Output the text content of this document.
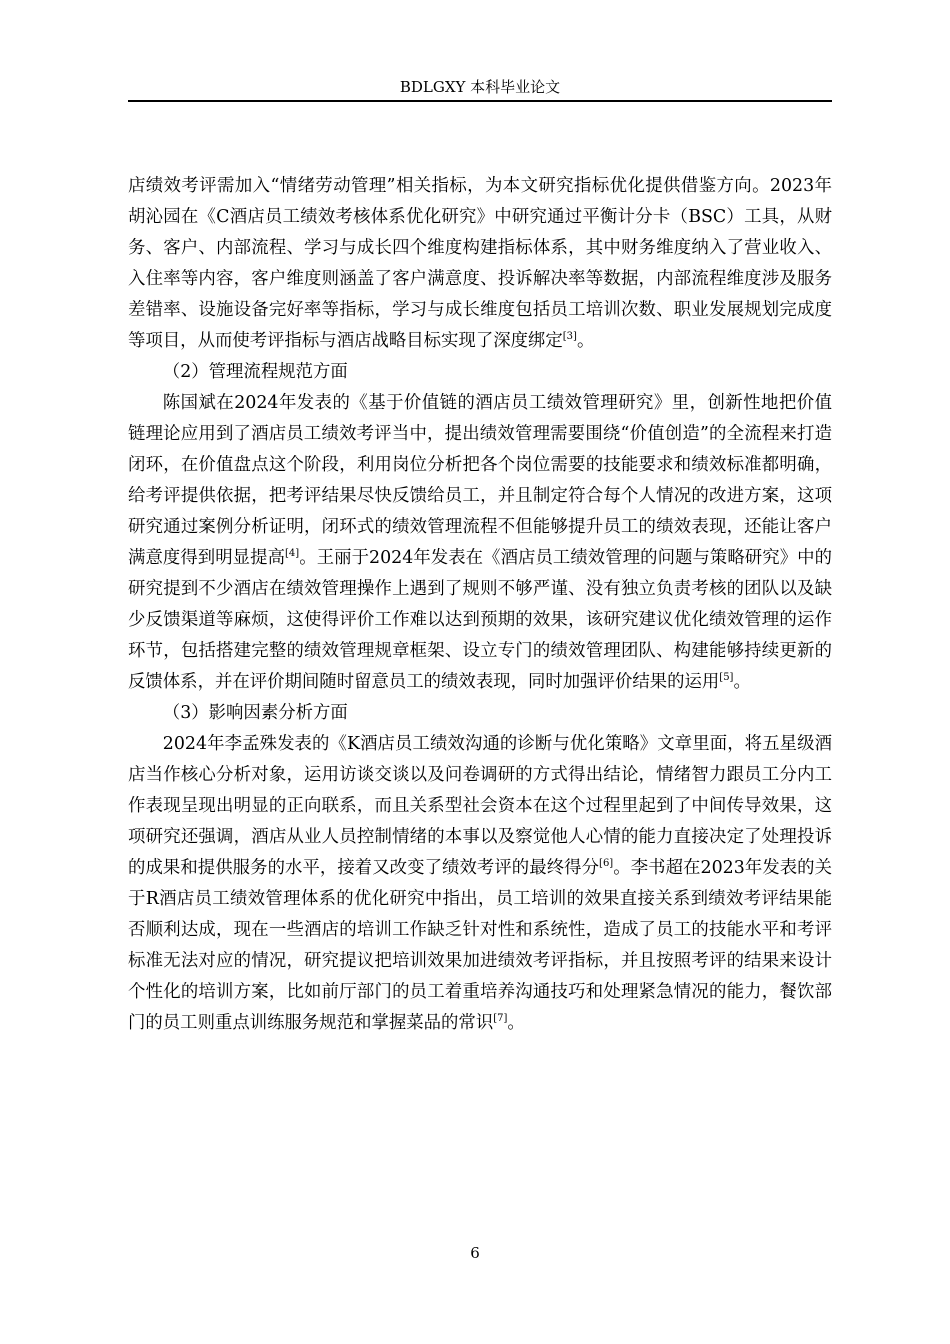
BDLGXY 本科毕业论文

店绩效考评需加入“情绪劳动管理”相关指标，为本文研究指标优化提供借鉴方向。2023年胡沁园在《C酒店员工绩效考核体系优化研究》中研究通过平衡计分卡（BSC）工具，从财务、客户、内部流程、学习与成长四个维度构建指标体系，其中财务维度纳入了营业收入、入住率等内容，客户维度则涵盖了客户满意度、投诉解决率等数据，内部流程维度涉及服务差错率、设施设备完好率等指标，学习与成长维度包括员工培训次数、职业发展规划完成度等项目，从而使考评指标与酒店战略目标实现了深度绑定[3]。

（2）管理流程规范方面

陈国斌在2024年发表的《基于价值链的酒店员工绩效管理研究》里，创新性地把价值链理论应用到了酒店员工绩效考评当中，提出绩效管理需要围绕“价值创造”的全流程来打造闭环，在价值盘点这个阶段，利用岗位分析把各个岗位需要的技能要求和绩效标准都明确，给考评提供依据，把考评结果尽快反馈给员工，并且制定符合每个人情况的改进方案，这项研究通过案例分析证明，闭环式的绩效管理流程不但能够提升员工的绩效表现，还能让客户满意度得到明显提高[4]。王丽于2024年发表在《酒店员工绩效管理的问题与策略研究》中的研究提到不少酒店在绩效管理操作上遇到了规则不够严谨、没有独立负责考核的团队以及缺少反馈渠道等麻烦，这使得评价工作难以达到预期的效果，该研究建议优化绩效管理的运作环节，包括搭建完整的绩效管理规章框架、设立专门的绩效管理团队、构建能够持续更新的反馈体系，并在评价期间随时留意员工的绩效表现，同时加强评价结果的运用[5]。

（3）影响因素分析方面

2024年李孟殊发表的《K酒店员工绩效沟通的诊断与优化策略》文章里面，将五星级酒店当作核心分析对象，运用访谈交谈以及问卷调研的方式得出结论，情绪智力跟员工分内工作表现呈现出明显的正向联系，而且关系型社会资本在这个过程里起到了中间传导效果，这项研究还强调，酒店从业人员控制情绪的本事以及察觉他人心情的能力直接决定了处理投诉的成果和提供服务的水平，接着又改变了绩效考评的最终得分[6]。李书超在2023年发表的关于R酒店员工绩效管理体系的优化研究中指出，员工培训的效果直接关系到绩效考评结果能否顺利达成，现在一些酒店的培训工作缺乏针对性和系统性，造成了员工的技能水平和考评标准无法对应的情况，研究提议把培训效果加进绩效考评指标，并且按照考评的结果来设计个性化的培训方案，比如前厅部门的员工着重培养沟通技巧和处理紧急情况的能力，餐饮部门的员工则重点训练服务规范和掌握菜品的常识[7]。

6
